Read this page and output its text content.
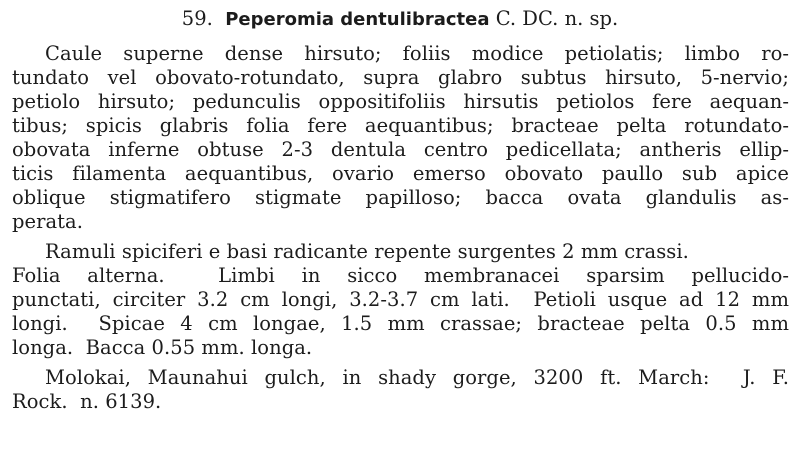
59. Peperomia dentulibractea C. DC. n. sp.
Caule superne dense hirsuto; foliis modice petiolatis; limbo ro-
tundato vel obovato-rotundato, supra glabro subtus hirsuto, 5-nervio;
petiolo hirsuto; pedunculis oppositifoliis hirsutis petiolos fere aequan-
tibus; spicis glabris folia fere aequantibus; bracteae pelta rotundato-
obovata inferne obtuse 2-3 dentula centro pedicellata; antheris ellip-
ticis filamenta aequantibus, ovario emerso obovato paullo sub apice
oblique stigmatifero stigmate papilloso; bacca ovata glandulis as-
perata.
Ramuli spiciferi e basi radicante repente surgentes 2 mm crassi.
Folia alterna.  Limbi in sicco membranacei sparsim pellucido-
punctati, circiter 3.2 cm longi, 3.2-3.7 cm lati.  Petioli usque ad 12 mm
longi.  Spicae 4 cm longae, 1.5 mm crassae; bracteae pelta 0.5 mm
longa.  Bacca 0.55 mm. longa.
Molokai, Maunahui gulch, in shady gorge, 3200 ft. March:  J. F.
Rock.  n. 6139.
